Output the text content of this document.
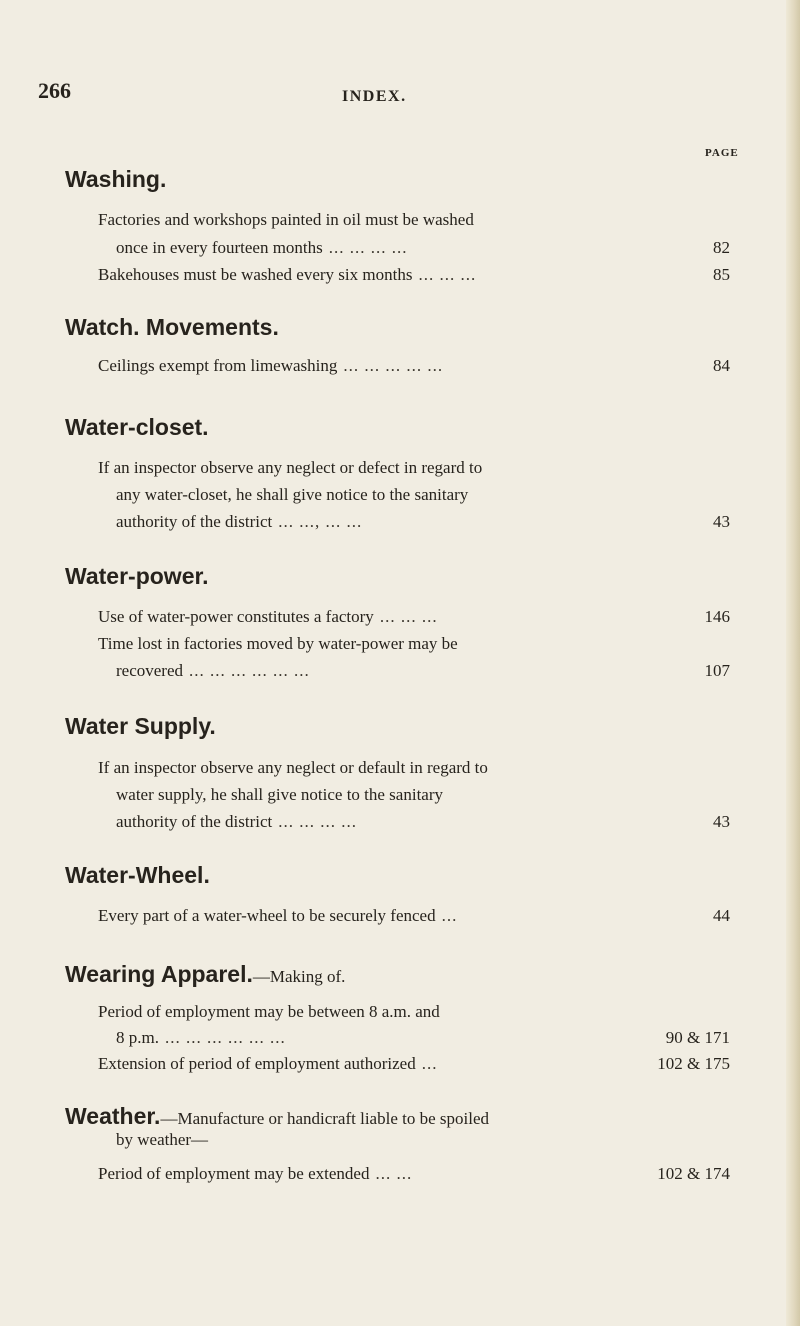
266	INDEX.
PAGE
Washing.
Factories and workshops painted in oil must be washed
once in every fourteen months ... ... ... ...	82
Bakehouses must be washed every six months ... ... ...	85
Watch. Movements.
Ceilings exempt from limewashing ... ... ... ... ...	84
Water-closet.
If an inspector observe any neglect or defect in regard to
any water-closet, he shall give notice to the sanitary
authority of the district ... ..., ... ...	43
Water-power.
Use of water-power constitutes a factory ... ... ...	146
Time lost in factories moved by water-power may be
recovered ... ... ... ... ... ...	107
Water Supply.
If an inspector observe any neglect or default in regard to
water supply, he shall give notice to the sanitary
authority of the district ... ... ... ...	43
Water-Wheel.
Every part of a water-wheel to be securely fenced ...	44
Wearing Apparel.—Making of.
Period of employment may be between 8 a.m. and
8 p.m. ... ... ... ... ... ...	90 & 171
Extension of period of employment authorized ...	102 & 175
Weather.—Manufacture or handicraft liable to be spoiled
by weather—
Period of employment may be extended ... ...	102 & 174
